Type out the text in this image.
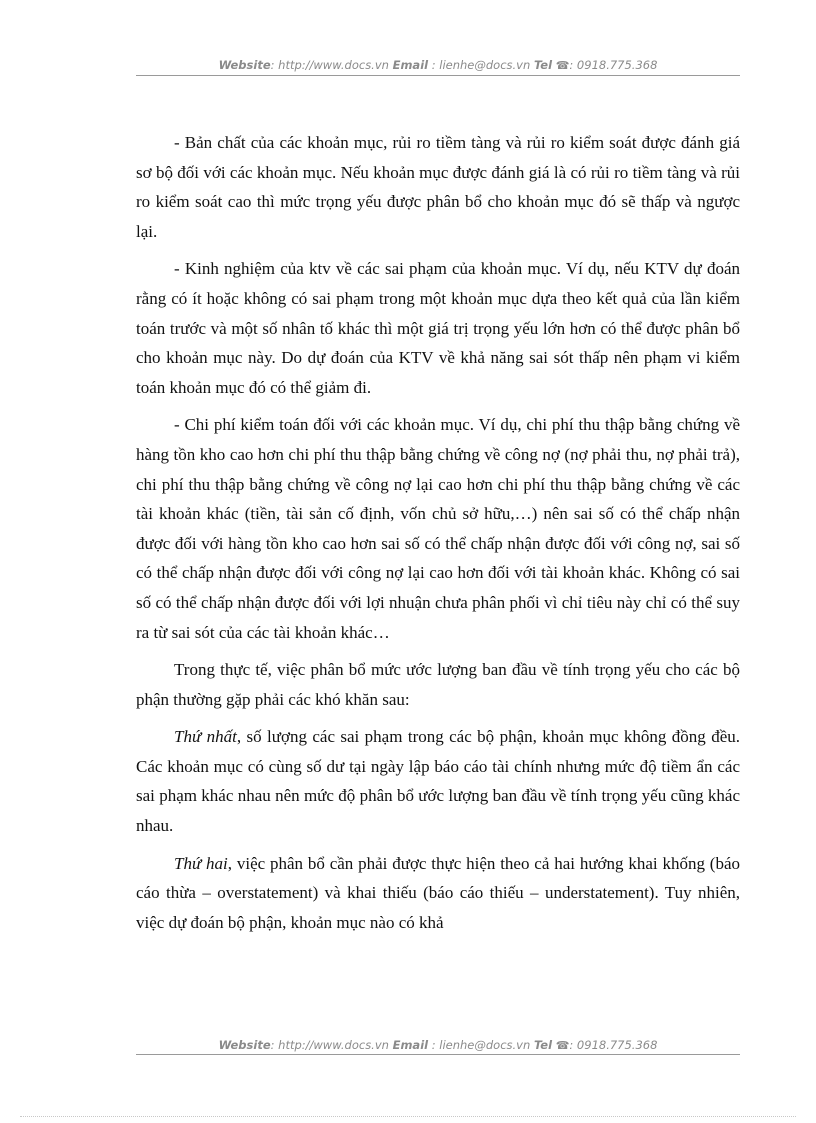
Website: http://www.docs.vn Email : lienhe@docs.vn Tel ☎: 0918.775.368

- Bản chất của các khoản mục, rủi ro tiềm tàng và rủi ro kiểm soát được đánh giá sơ bộ đối với các khoản mục. Nếu khoản mục được đánh giá là có rủi ro tiềm tàng và rủi ro kiểm soát cao thì mức trọng yếu được phân bổ cho khoản mục đó sẽ thấp và ngược lại.

- Kinh nghiệm của ktv về các sai phạm của khoản mục. Ví dụ, nếu KTV dự đoán rằng có ít hoặc không có sai phạm trong một khoản mục dựa theo kết quả của lần kiểm toán trước và một số nhân tố khác thì một giá trị trọng yếu lớn hơn có thể được phân bổ cho khoản mục này. Do dự đoán của KTV về khả năng sai sót thấp nên phạm vi kiểm toán khoản mục đó có thể giảm đi.

- Chi phí kiểm toán đối với các khoản mục. Ví dụ, chi phí thu thập bằng chứng về hàng tồn kho cao hơn chi phí thu thập bằng chứng về công nợ (nợ phải thu, nợ phải trả), chi phí thu thập bằng chứng về công nợ lại cao hơn chi phí thu thập bằng chứng về các tài khoản khác (tiền, tài sản cố định, vốn chủ sở hữu,…) nên sai số có thể chấp nhận được đối với hàng tồn kho cao hơn sai số có thể chấp nhận được đối với công nợ, sai số có thể chấp nhận được đối với công nợ lại cao hơn đối với tài khoản khác. Không có sai số có thể chấp nhận được đối với lợi nhuận chưa phân phối vì chỉ tiêu này chỉ có thể suy ra từ sai sót của các tài khoản khác…

Trong thực tế, việc phân bổ mức ước lượng ban đầu về tính trọng yếu cho các bộ phận thường gặp phải các khó khăn sau:

Thứ nhất, số lượng các sai phạm trong các bộ phận, khoản mục không đồng đều. Các khoản mục có cùng số dư tại ngày lập báo cáo tài chính nhưng mức độ tiềm ẩn các sai phạm khác nhau nên mức độ phân bổ ước lượng ban đầu về tính trọng yếu cũng khác nhau.

Thứ hai, việc phân bổ cần phải được thực hiện theo cả hai hướng khai khống (báo cáo thừa – overstatement) và khai thiếu (báo cáo thiếu – understatement). Tuy nhiên, việc dự đoán bộ phận, khoản mục nào có khả

Website: http://www.docs.vn Email : lienhe@docs.vn Tel ☎: 0918.775.368
